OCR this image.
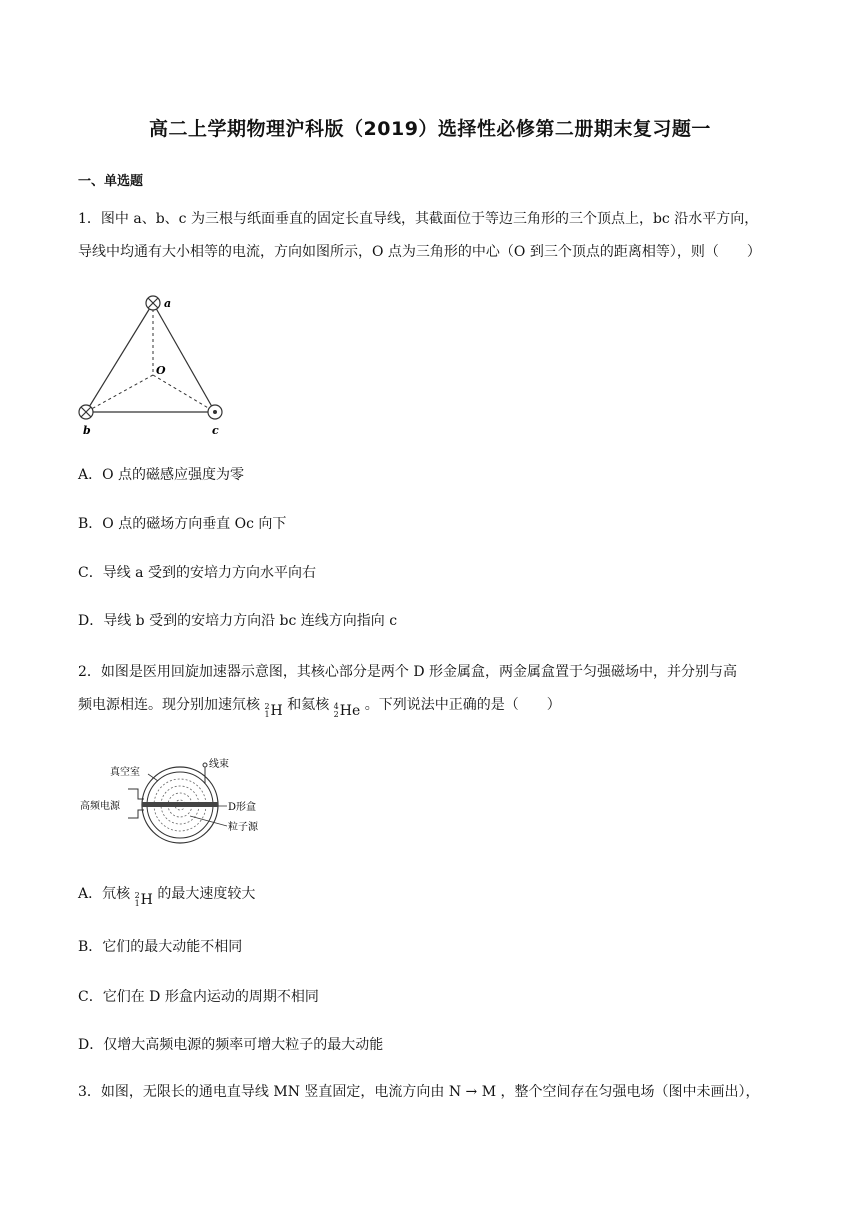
高二上学期物理沪科版（2019）选择性必修第二册期末复习题一
一、单选题
1．图中 a、b、c 为三根与纸面垂直的固定长直导线，其截面位于等边三角形的三个顶点上，bc 沿水平方向，
导线中均通有大小相等的电流，方向如图所示，O 点为三角形的中心（O 到三个顶点的距离相等），则（　　）
a
O
b	c
A．O 点的磁感应强度为零
B．O 点的磁场方向垂直 Oc 向下
C．导线 a 受到的安培力方向水平向右
D．导线 b 受到的安培力方向沿 bc 连线方向指向 c
2．如图是医用回旋加速器示意图，其核心部分是两个 D 形金属盒，两金属盒置于匀强磁场中，并分别与高
频电源相连。现分别加速氘核 2
1 H 和氦核 4
2 He 。下列说法中正确的是（　　）
真空室
线束
高频电源	D形盒
粒子源
A．氘核 2
1 H 的最大速度较大
B．它们的最大动能不相同
C．它们在 D 形盒内运动的周期不相同
D．仅增大高频电源的频率可增大粒子的最大动能
3．如图，无限长的通电直导线 MN 竖直固定，电流方向由 N → M ，整个空间存在匀强电场（图中未画出），
